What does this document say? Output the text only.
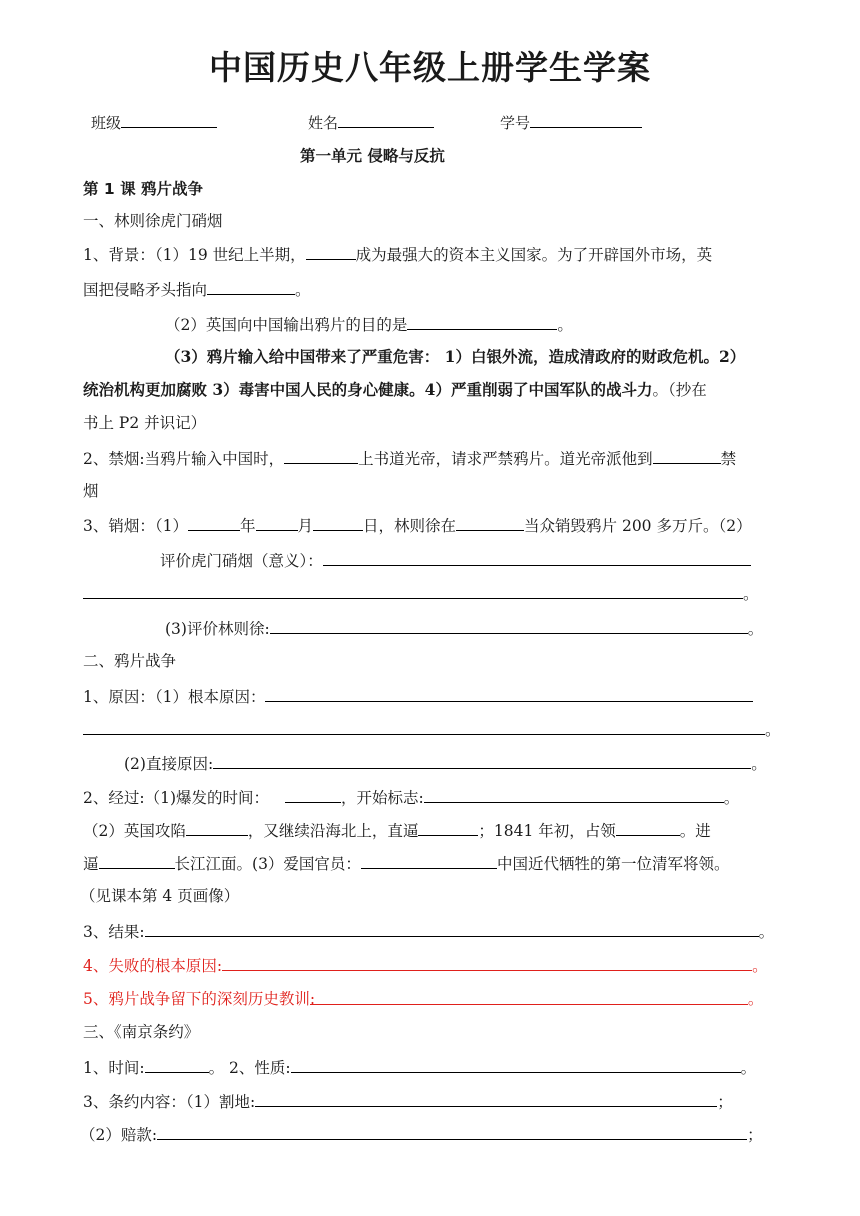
中国历史八年级上册学生学案
班级	姓名	学号
第一单元 侵略与反抗
第 1 课 鸦片战争
一、林则徐虎门硝烟
1、背景：（1）19 世纪上半期，	成为最强大的资本主义国家。为了开辟国外市场，英
国把侵略矛头指向	。
（2）英国向中国输出鸦片的目的是	。
（3）鸦片输入给中国带来了严重危害： 1）白银外流，造成清政府的财政危机。2）
统治机构更加腐败 3）毒害中国人民的身心健康。4）严重削弱了中国军队的战斗力。（抄在
书上 P2 并识记）
2、禁烟:当鸦片输入中国时，	上书道光帝，请求严禁鸦片。道光帝派他到	禁
烟
3、销烟：（1）	年	月	日，林则徐在	当众销毁鸦片 200 多万斤。（2）
评价虎门硝烟（意义）：
。
(3)评价林则徐:	。
二、鸦片战争
1、原因：（1）根本原因：
。
(2)直接原因:	。
2、经过:（1)爆发的时间：	，开始标志:	。
（2）英国攻陷	，又继续沿海北上，直逼	；1841 年初，占领	。进
逼	长江江面。(3）爱国官员：	中国近代牺牲的第一位清军将领。
（见课本第 4 页画像）
3、结果:	。
4、失败的根本原因:	。
5、鸦片战争留下的深刻历史教训:	。
三、《南京条约》
1、时间:	。 2、性质:	。
3、条约内容：（1）割地:	；
（2）赔款:	；
